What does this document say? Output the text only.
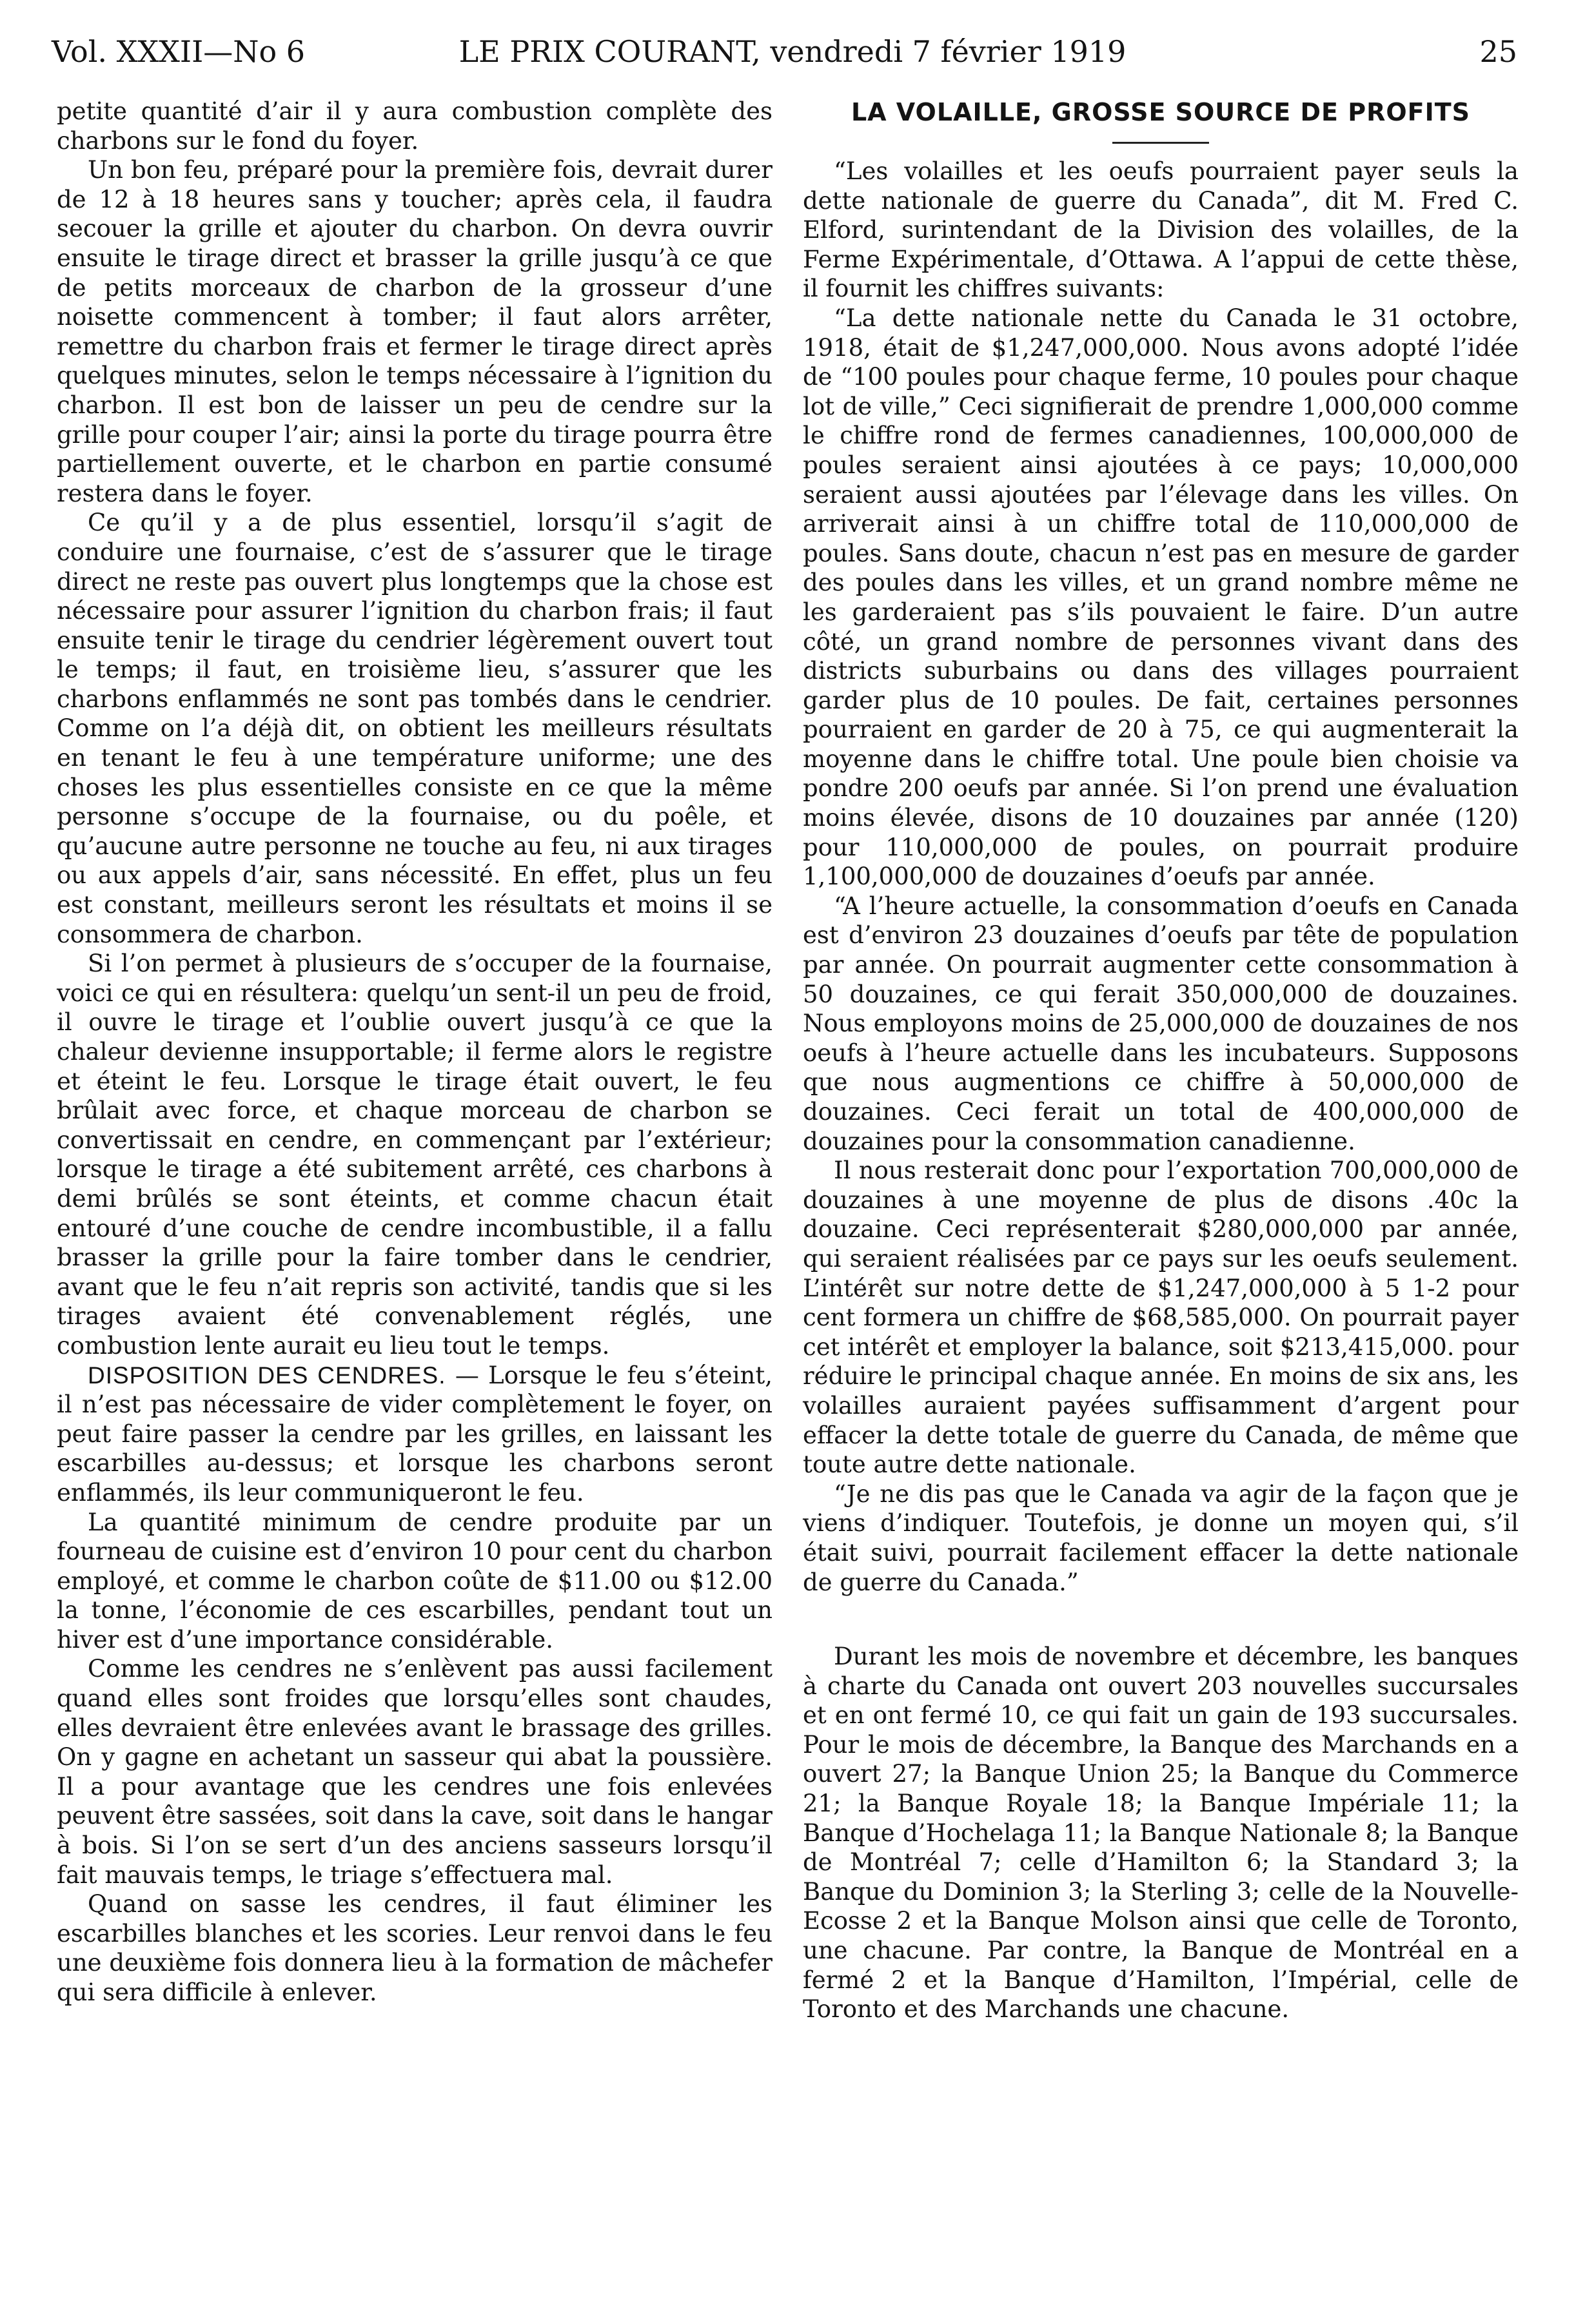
Vol. XXXII—No 6	LE PRIX COURANT, vendredi 7 février 1919	25

petite quantité d’air il y aura combustion complète des charbons sur le fond du foyer.

Un bon feu, préparé pour la première fois, devrait durer de 12 à 18 heures sans y toucher; après cela, il faudra secouer la grille et ajouter du charbon. On devra ouvrir ensuite le tirage direct et brasser la grille jusqu’à ce que de petits morceaux de charbon de la grosseur d’une noisette commencent à tomber; il faut alors arrêter, remettre du charbon frais et fermer le tirage direct après quelques minutes, selon le temps nécessaire à l’ignition du charbon. Il est bon de laisser un peu de cendre sur la grille pour couper l’air; ainsi la porte du tirage pourra être partiellement ouverte, et le charbon en partie consumé restera dans le foyer.

Ce qu’il y a de plus essentiel, lorsqu’il s’agit de conduire une fournaise, c’est de s’assurer que le tirage direct ne reste pas ouvert plus longtemps que la chose est nécessaire pour assurer l’ignition du charbon frais; il faut ensuite tenir le tirage du cendrier légèrement ouvert tout le temps; il faut, en troisième lieu, s’assurer que les charbons enflammés ne sont pas tombés dans le cendrier. Comme on l’a déjà dit, on obtient les meilleurs résultats en tenant le feu à une température uniforme; une des choses les plus essentielles consiste en ce que la même personne s’occupe de la fournaise, ou du poêle, et qu’aucune autre personne ne touche au feu, ni aux tirages ou aux appels d’air, sans nécessité. En effet, plus un feu est constant, meilleurs seront les résultats et moins il se consommera de charbon.

Si l’on permet à plusieurs de s’occuper de la fournaise, voici ce qui en résultera: quelqu’un sent-il un peu de froid, il ouvre le tirage et l’oublie ouvert jusqu’à ce que la chaleur devienne insupportable; il ferme alors le registre et éteint le feu. Lorsque le tirage était ouvert, le feu brûlait avec force, et chaque morceau de charbon se convertissait en cendre, en commençant par l’extérieur; lorsque le tirage a été subitement arrêté, ces charbons à demi brûlés se sont éteints, et comme chacun était entouré d’une couche de cendre incombustible, il a fallu brasser la grille pour la faire tomber dans le cendrier, avant que le feu n’ait repris son activité, tandis que si les tirages avaient été convenablement réglés, une combustion lente aurait eu lieu tout le temps.

DISPOSITION DES CENDRES. — Lorsque le feu s’éteint, il n’est pas nécessaire de vider complètement le foyer, on peut faire passer la cendre par les grilles, en laissant les escarbilles au-dessus; et lorsque les charbons seront enflammés, ils leur communiqueront le feu.

La quantité minimum de cendre produite par un fourneau de cuisine est d’environ 10 pour cent du charbon employé, et comme le charbon coûte de $11.00 ou $12.00 la tonne, l’économie de ces escarbilles, pendant tout un hiver est d’une importance considérable.

Comme les cendres ne s’enlèvent pas aussi facilement quand elles sont froides que lorsqu’elles sont chaudes, elles devraient être enlevées avant le brassage des grilles. On y gagne en achetant un sasseur qui abat la poussière. Il a pour avantage que les cendres une fois enlevées peuvent être sassées, soit dans la cave, soit dans le hangar à bois. Si l’on se sert d’un des anciens sasseurs lorsqu’il fait mauvais temps, le triage s’effectuera mal.

Quand on sasse les cendres, il faut éliminer les escarbilles blanches et les scories. Leur renvoi dans le feu une deuxième fois donnera lieu à la formation de mâchefer qui sera difficile à enlever.

LA VOLAILLE, GROSSE SOURCE DE PROFITS

“Les volailles et les oeufs pourraient payer seuls la dette nationale de guerre du Canada”, dit M. Fred C. Elford, surintendant de la Division des volailles, de la Ferme Expérimentale, d’Ottawa. A l’appui de cette thèse, il fournit les chiffres suivants:

“La dette nationale nette du Canada le 31 octobre, 1918, était de $1,247,000,000. Nous avons adopté l’idée de “100 poules pour chaque ferme, 10 poules pour chaque lot de ville,” Ceci signifierait de prendre 1,000,000 comme le chiffre rond de fermes canadiennes, 100,000,000 de poules seraient ainsi ajoutées à ce pays; 10,000,000 seraient aussi ajoutées par l’élevage dans les villes. On arriverait ainsi à un chiffre total de 110,000,000 de poules. Sans doute, chacun n’est pas en mesure de garder des poules dans les villes, et un grand nombre même ne les garderaient pas s’ils pouvaient le faire. D’un autre côté, un grand nombre de personnes vivant dans des districts suburbains ou dans des villages pourraient garder plus de 10 poules. De fait, certaines personnes pourraient en garder de 20 à 75, ce qui augmenterait la moyenne dans le chiffre total. Une poule bien choisie va pondre 200 oeufs par année. Si l’on prend une évaluation moins élevée, disons de 10 douzaines par année (120) pour 110,000,000 de poules, on pourrait produire 1,100,000,000 de douzaines d’oeufs par année.

“A l’heure actuelle, la consommation d’oeufs en Canada est d’environ 23 douzaines d’oeufs par tête de population par année. On pourrait augmenter cette consommation à 50 douzaines, ce qui ferait 350,000,000 de douzaines. Nous employons moins de 25,000,000 de douzaines de nos oeufs à l’heure actuelle dans les incubateurs. Supposons que nous augmentions ce chiffre à 50,000,000 de douzaines. Ceci ferait un total de 400,000,000 de douzaines pour la consommation canadienne.

Il nous resterait donc pour l’exportation 700,000,000 de douzaines à une moyenne de plus de disons .40c la douzaine. Ceci représenterait $280,000,000 par année, qui seraient réalisées par ce pays sur les oeufs seulement. L’intérêt sur notre dette de $1,247,000,000 à 5 1-2 pour cent formera un chiffre de $68,585,000. On pourrait payer cet intérêt et employer la balance, soit $213,415,000. pour réduire le principal chaque année. En moins de six ans, les volailles auraient payées suffisamment d’argent pour effacer la dette totale de guerre du Canada, de même que toute autre dette nationale.

“Je ne dis pas que le Canada va agir de la façon que je viens d’indiquer. Toutefois, je donne un moyen qui, s’il était suivi, pourrait facilement effacer la dette nationale de guerre du Canada.”

Durant les mois de novembre et décembre, les banques à charte du Canada ont ouvert 203 nouvelles succursales et en ont fermé 10, ce qui fait un gain de 193 succursales. Pour le mois de décembre, la Banque des Marchands en a ouvert 27; la Banque Union 25; la Banque du Commerce 21; la Banque Royale 18; la Banque Impériale 11; la Banque d’Hochelaga 11; la Banque Nationale 8; la Banque de Montréal 7; celle d’Hamilton 6; la Standard 3; la Banque du Dominion 3; la Sterling 3; celle de la Nouvelle-Ecosse 2 et la Banque Molson ainsi que celle de Toronto, une chacune. Par contre, la Banque de Montréal en a fermé 2 et la Banque d’Hamilton, l’Impérial, celle de Toronto et des Marchands une chacune.
